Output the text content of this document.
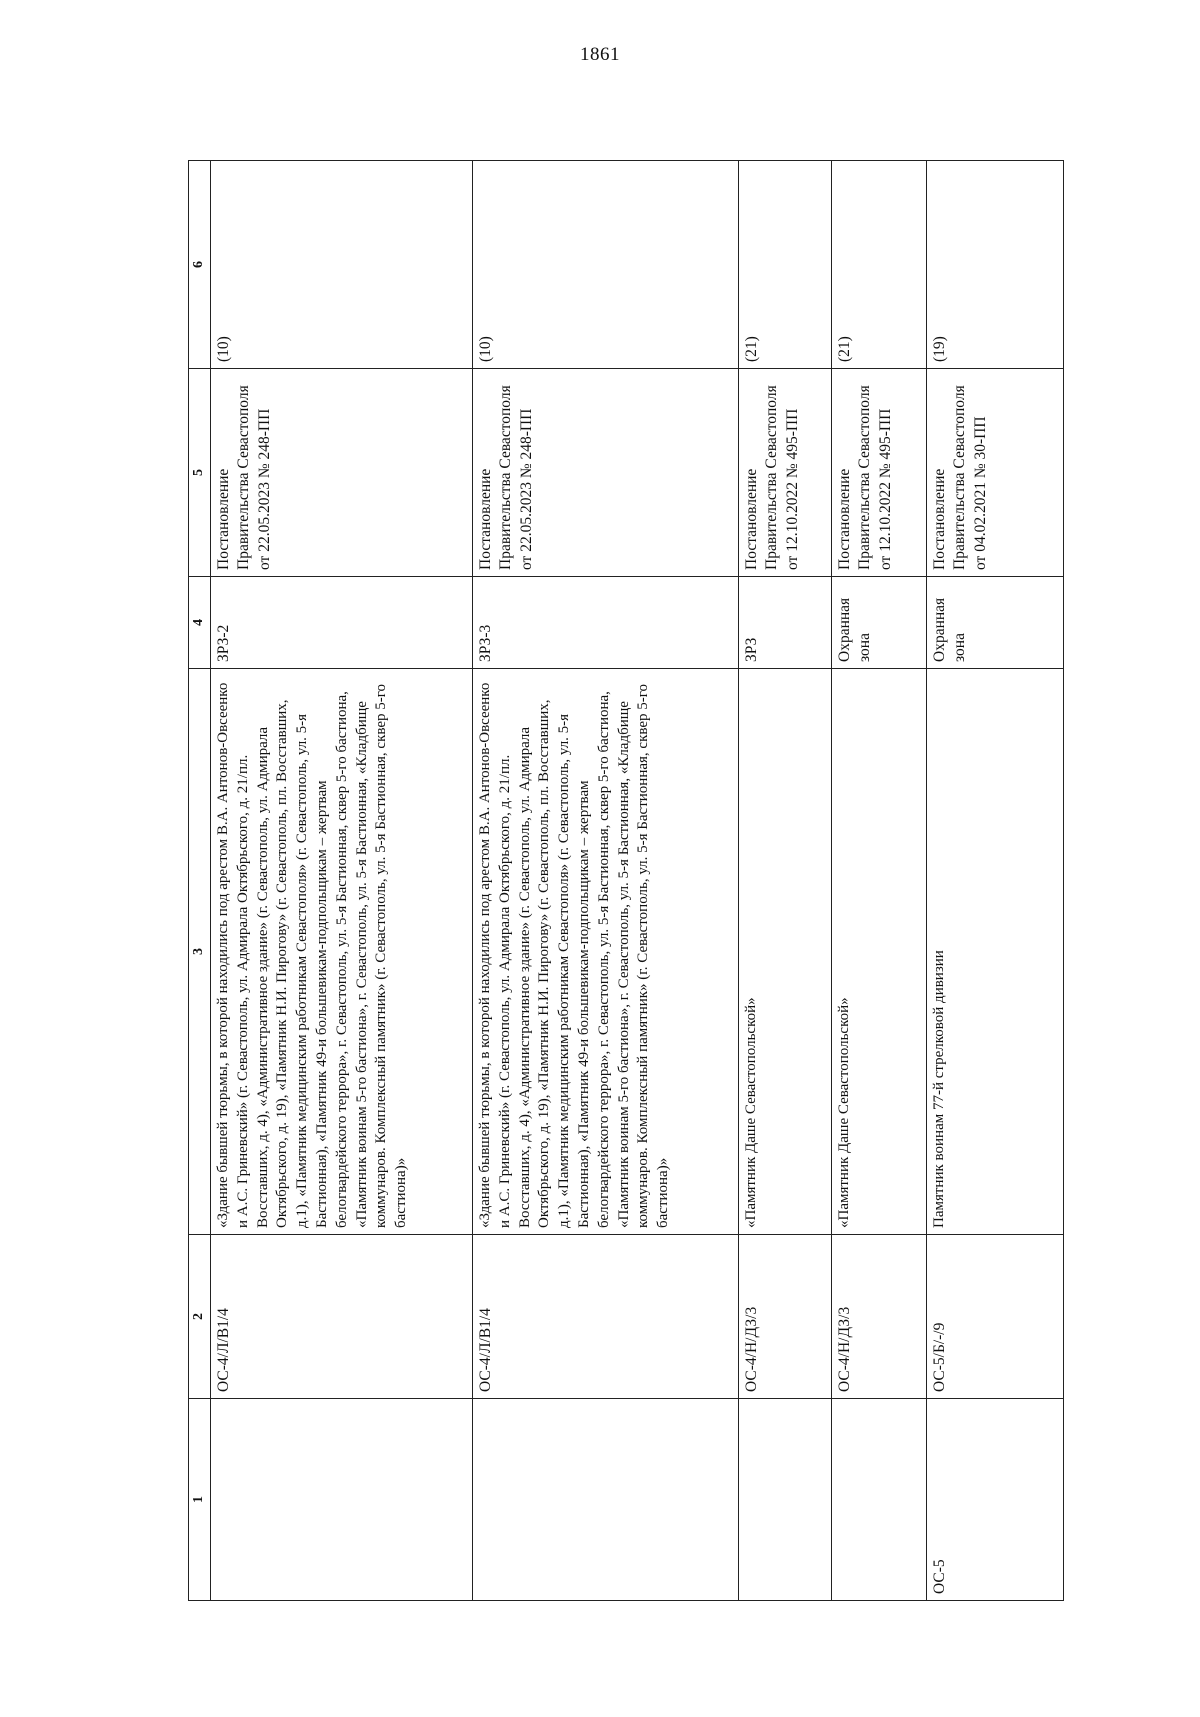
1861
1	2	3	4	5	6
	ОС-4/Л/В1/4	«Здание бывшей тюрьмы, в которой находились под арестом В.А. Антонов-Овсеенко и А.С. Гриневский» (г. Севастополь, ул. Адмирала Октябрьского, д. 21/пл. Восставших, д. 4), «Административное здание» (г. Севастополь, ул. Адмирала Октябрьского, д. 19), «Памятник Н.И. Пирогову» (г. Севастополь, пл. Восставших, д.1), «Памятник медицинским работникам Севастополя» (г. Севастополь, ул. 5-я Бастионная), «Памятник 49-и большевикам-подпольщикам – жертвам белогвардейского террора», г. Севастополь, ул. 5-я Бастионная, сквер 5-го бастиона, «Памятник воинам 5-го бастиона», г. Севастополь, ул. 5-я Бастионная, «Кладбище коммунаров. Комплексный памятник» (г. Севастополь, ул. 5-я Бастионная, сквер 5-го бастиона)»	ЗРЗ-2	Постановление Правительства Севастополя от 22.05.2023 № 248-ПП	(10)
	ОС-4/Л/В1/4	«Здание бывшей тюрьмы, в которой находились под арестом В.А. Антонов-Овсеенко и А.С. Гриневский» (г. Севастополь, ул. Адмирала Октябрьского, д. 21/пл. Восставших, д. 4), «Административное здание» (г. Севастополь, ул. Адмирала Октябрьского, д. 19), «Памятник Н.И. Пирогову» (г. Севастополь, пл. Восставших, д.1), «Памятник медицинским работникам Севастополя» (г. Севастополь, ул. 5-я Бастионная), «Памятник 49-и большевикам-подпольщикам – жертвам белогвардейского террора», г. Севастополь, ул. 5-я Бастионная, сквер 5-го бастиона, «Памятник воинам 5-го бастиона», г. Севастополь, ул. 5-я Бастионная, «Кладбище коммунаров. Комплексный памятник» (г. Севастополь, ул. 5-я Бастионная, сквер 5-го бастиона)»	ЗРЗ-3	Постановление Правительства Севастополя от 22.05.2023 № 248-ПП	(10)
	ОС-4/Н/ДЗ/3	«Памятник Даше Севастопольской»	ЗРЗ	Постановление Правительства Севастополя от 12.10.2022 № 495-ПП	(21)
	ОС-4/Н/ДЗ/3	«Памятник Даше Севастопольской»	Охранная зона	Постановление Правительства Севастополя от 12.10.2022 № 495-ПП	(21)
ОС-5	ОС-5/Б/-/9	Памятник воинам 77-й стрелковой дивизии	Охранная зона	Постановление Правительства Севастополя от 04.02.2021 № 30-ПП	(19)
